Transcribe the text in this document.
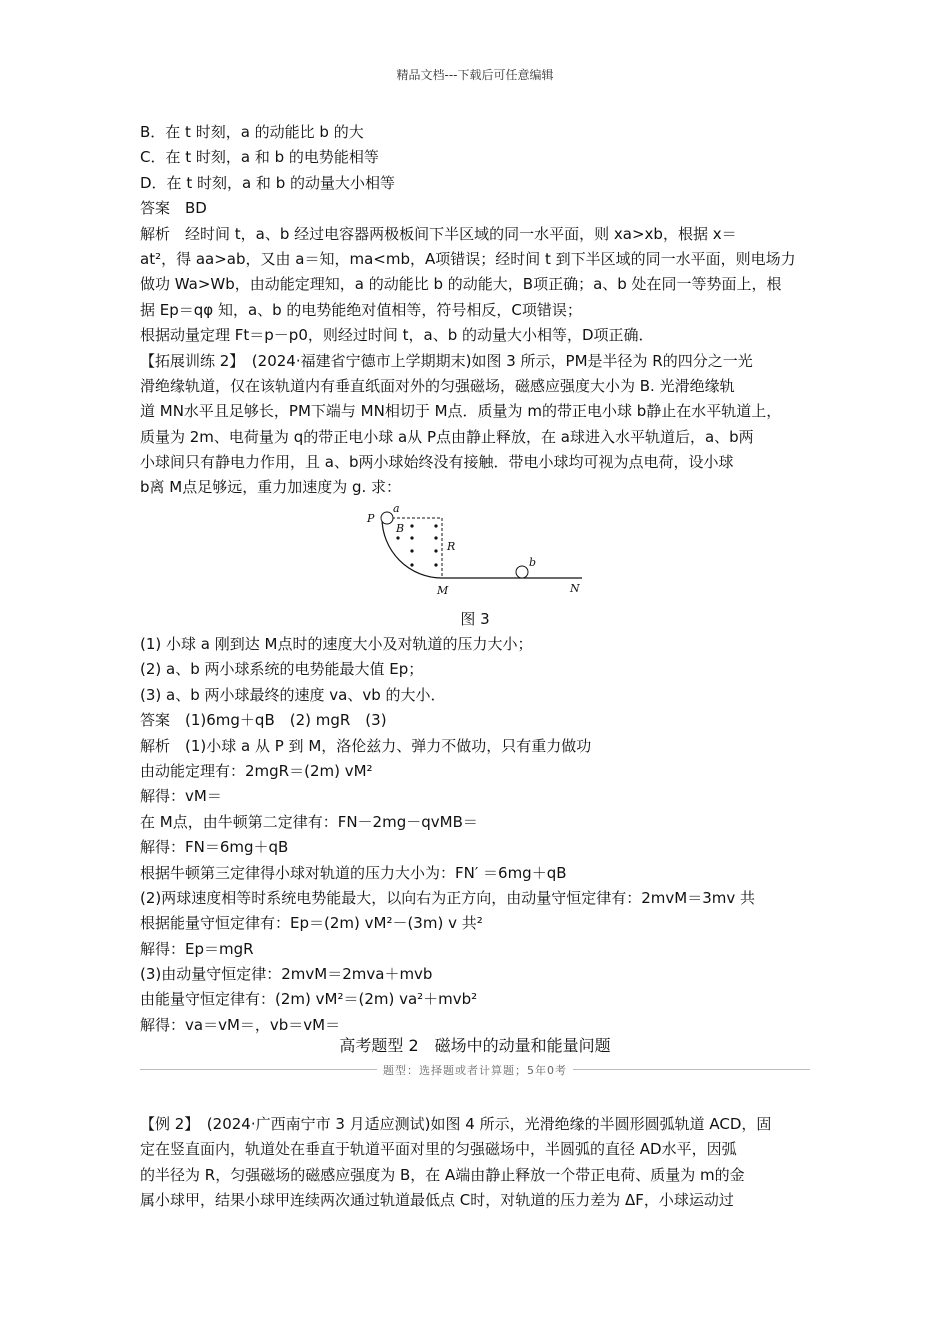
精品文档---下载后可任意编辑
B．在 t 时刻，a 的动能比 b 的大
C．在 t 时刻，a 和 b 的电势能相等
D．在 t 时刻，a 和 b 的动量大小相等
答案　BD
解析　经时间 t，a、b 经过电容器两极板间下半区域的同一水平面，则 xa>xb，根据 x＝
at²，得 aa>ab，又由 a＝知，ma<mb，A项错误；经时间 t 到下半区域的同一水平面，则电场力
做功 Wa>Wb，由动能定理知，a 的动能比 b 的动能大，B项正确；a、b 处在同一等势面上，根
据 Ep＝qφ 知，a、b 的电势能绝对值相等，符号相反，C项错误；
根据动量定理 Ft＝p－p0，则经过时间 t，a、b 的动量大小相等，D项正确．
【拓展训练 2】　(2024·福建省宁德市上学期期末)如图 3 所示，PM是半径为 R的四分之一光
滑绝缘轨道，仅在该轨道内有垂直纸面对外的匀强磁场，磁感应强度大小为 B. 光滑绝缘轨
道 MN水平且足够长，PM下端与 MN相切于 M点．质量为 m的带正电小球 b静止在水平轨道上，
质量为 2m、电荷量为 q的带正电小球 a从 P点由静止释放，在 a球进入水平轨道后，a、b两
小球间只有静电力作用，且 a、b两小球始终没有接触．带电小球均可视为点电荷，设小球
b离 M点足够远，重力加速度为 g. 求：
P
a
B
R
M
b
N
图 3
(1) 小球 a 刚到达 M点时的速度大小及对轨道的压力大小；
(2) a、b 两小球系统的电势能最大值 Ep；
(3) a、b 两小球最终的速度 va、vb 的大小．
答案　(1)6mg＋qB　(2) mgR　(3)
解析　(1)小球 a 从 P 到 M，洛伦兹力、弹力不做功，只有重力做功
由动能定理有：2mgR＝(2m) vM²
解得：vM＝
在 M点，由牛顿第二定律有：FN－2mg－qvMB＝
解得：FN＝6mg＋qB
根据牛顿第三定律得小球对轨道的压力大小为：FN′ ＝6mg＋qB
(2)两球速度相等时系统电势能最大，以向右为正方向，由动量守恒定律有：2mvM＝3mv 共
根据能量守恒定律有：Ep＝(2m) vM²－(3m) v 共²
解得：Ep＝mgR
(3)由动量守恒定律：2mvM＝2mva＋mvb
由能量守恒定律有：(2m) vM²＝(2m) va²＋mvb²
解得：va＝vM＝，vb＝vM＝
高考题型 2　磁场中的动量和能量问题
题型：选择题或者计算题；5年0考
【例 2】　(2024·广西南宁市 3 月适应测试)如图 4 所示，光滑绝缘的半圆形圆弧轨道 ACD，固
定在竖直面内，轨道处在垂直于轨道平面对里的匀强磁场中，半圆弧的直径 AD水平，因弧
的半径为 R，匀强磁场的磁感应强度为 B，在 A端由静止释放一个带正电荷、质量为 m的金
属小球甲，结果小球甲连续两次通过轨道最低点 C时，对轨道的压力差为 ΔF，小球运动过
